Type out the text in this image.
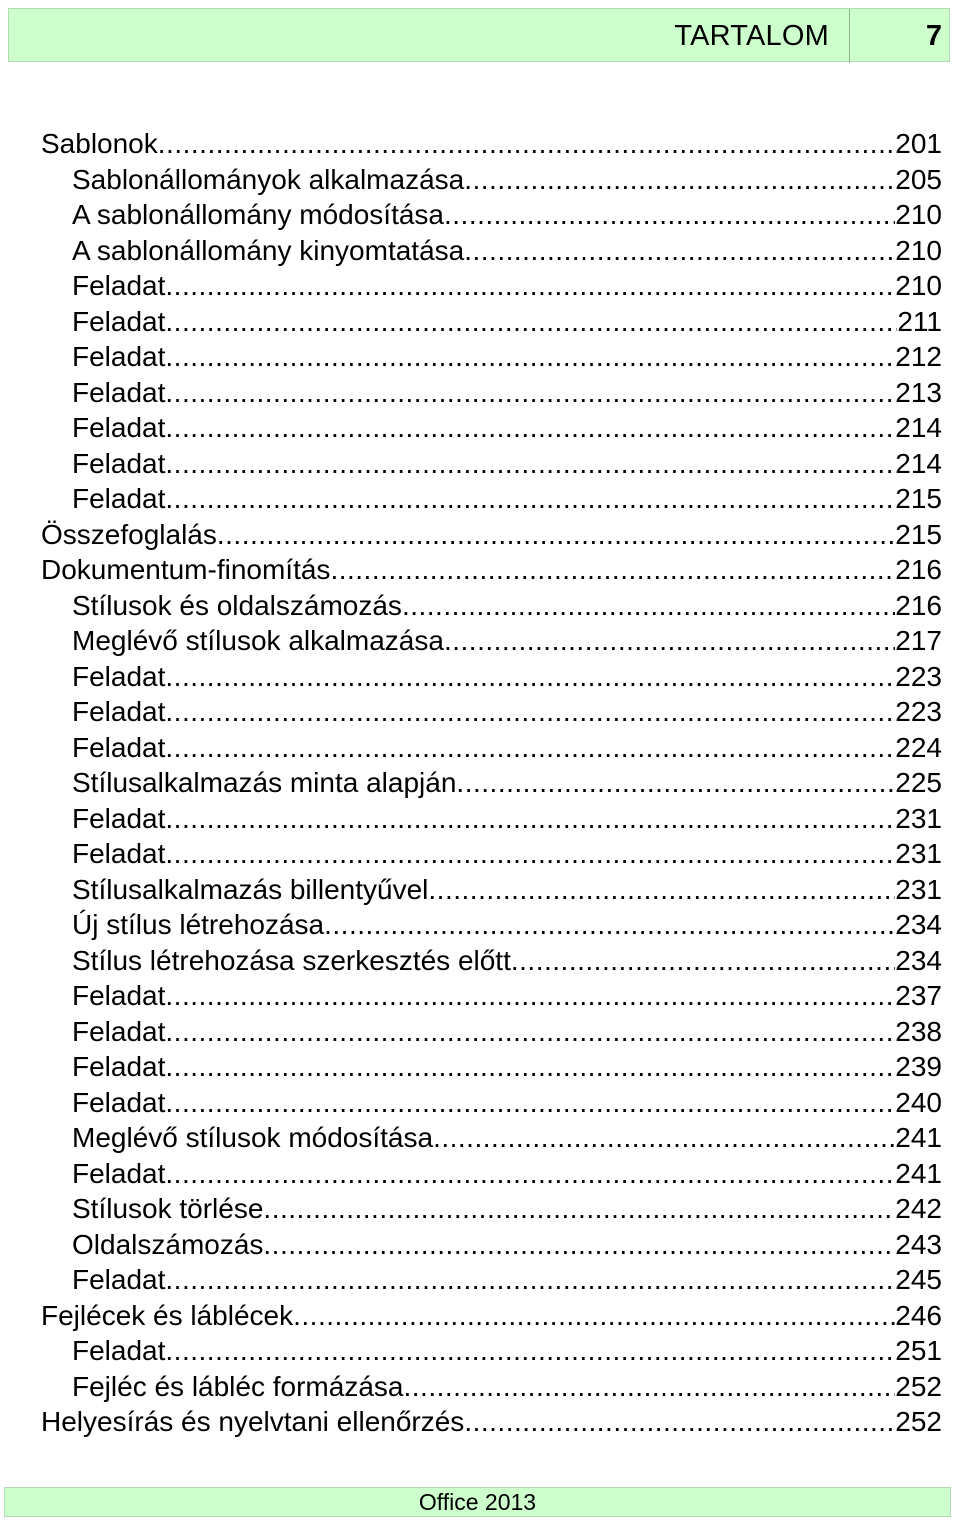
TARTALOM	7
Sablonok .....	201
Sablonállományok alkalmazása .....	205
A sablonállomány módosítása .....	210
A sablonállomány kinyomtatása .....	210
Feladat .....	210
Feladat .....	211
Feladat .....	212
Feladat .....	213
Feladat .....	214
Feladat .....	214
Feladat .....	215
Összefoglalás .....	215
Dokumentum-finomítás .....	216
Stílusok és oldalszámozás .....	216
Meglévő stílusok alkalmazása .....	217
Feladat .....	223
Feladat .....	223
Feladat .....	224
Stílusalkalmazás minta alapján .....	225
Feladat .....	231
Feladat .....	231
Stílusalkalmazás billentyűvel .....	231
Új stílus létrehozása .....	234
Stílus létrehozása szerkesztés előtt .....	234
Feladat .....	237
Feladat .....	238
Feladat .....	239
Feladat .....	240
Meglévő stílusok módosítása .....	241
Feladat .....	241
Stílusok törlése .....	242
Oldalszámozás .....	243
Feladat .....	245
Fejlécek és láblécek .....	246
Feladat .....	251
Fejléc és lábléc formázása .....	252
Helyesírás és nyelvtani ellenőrzés .....	252
Office 2013
